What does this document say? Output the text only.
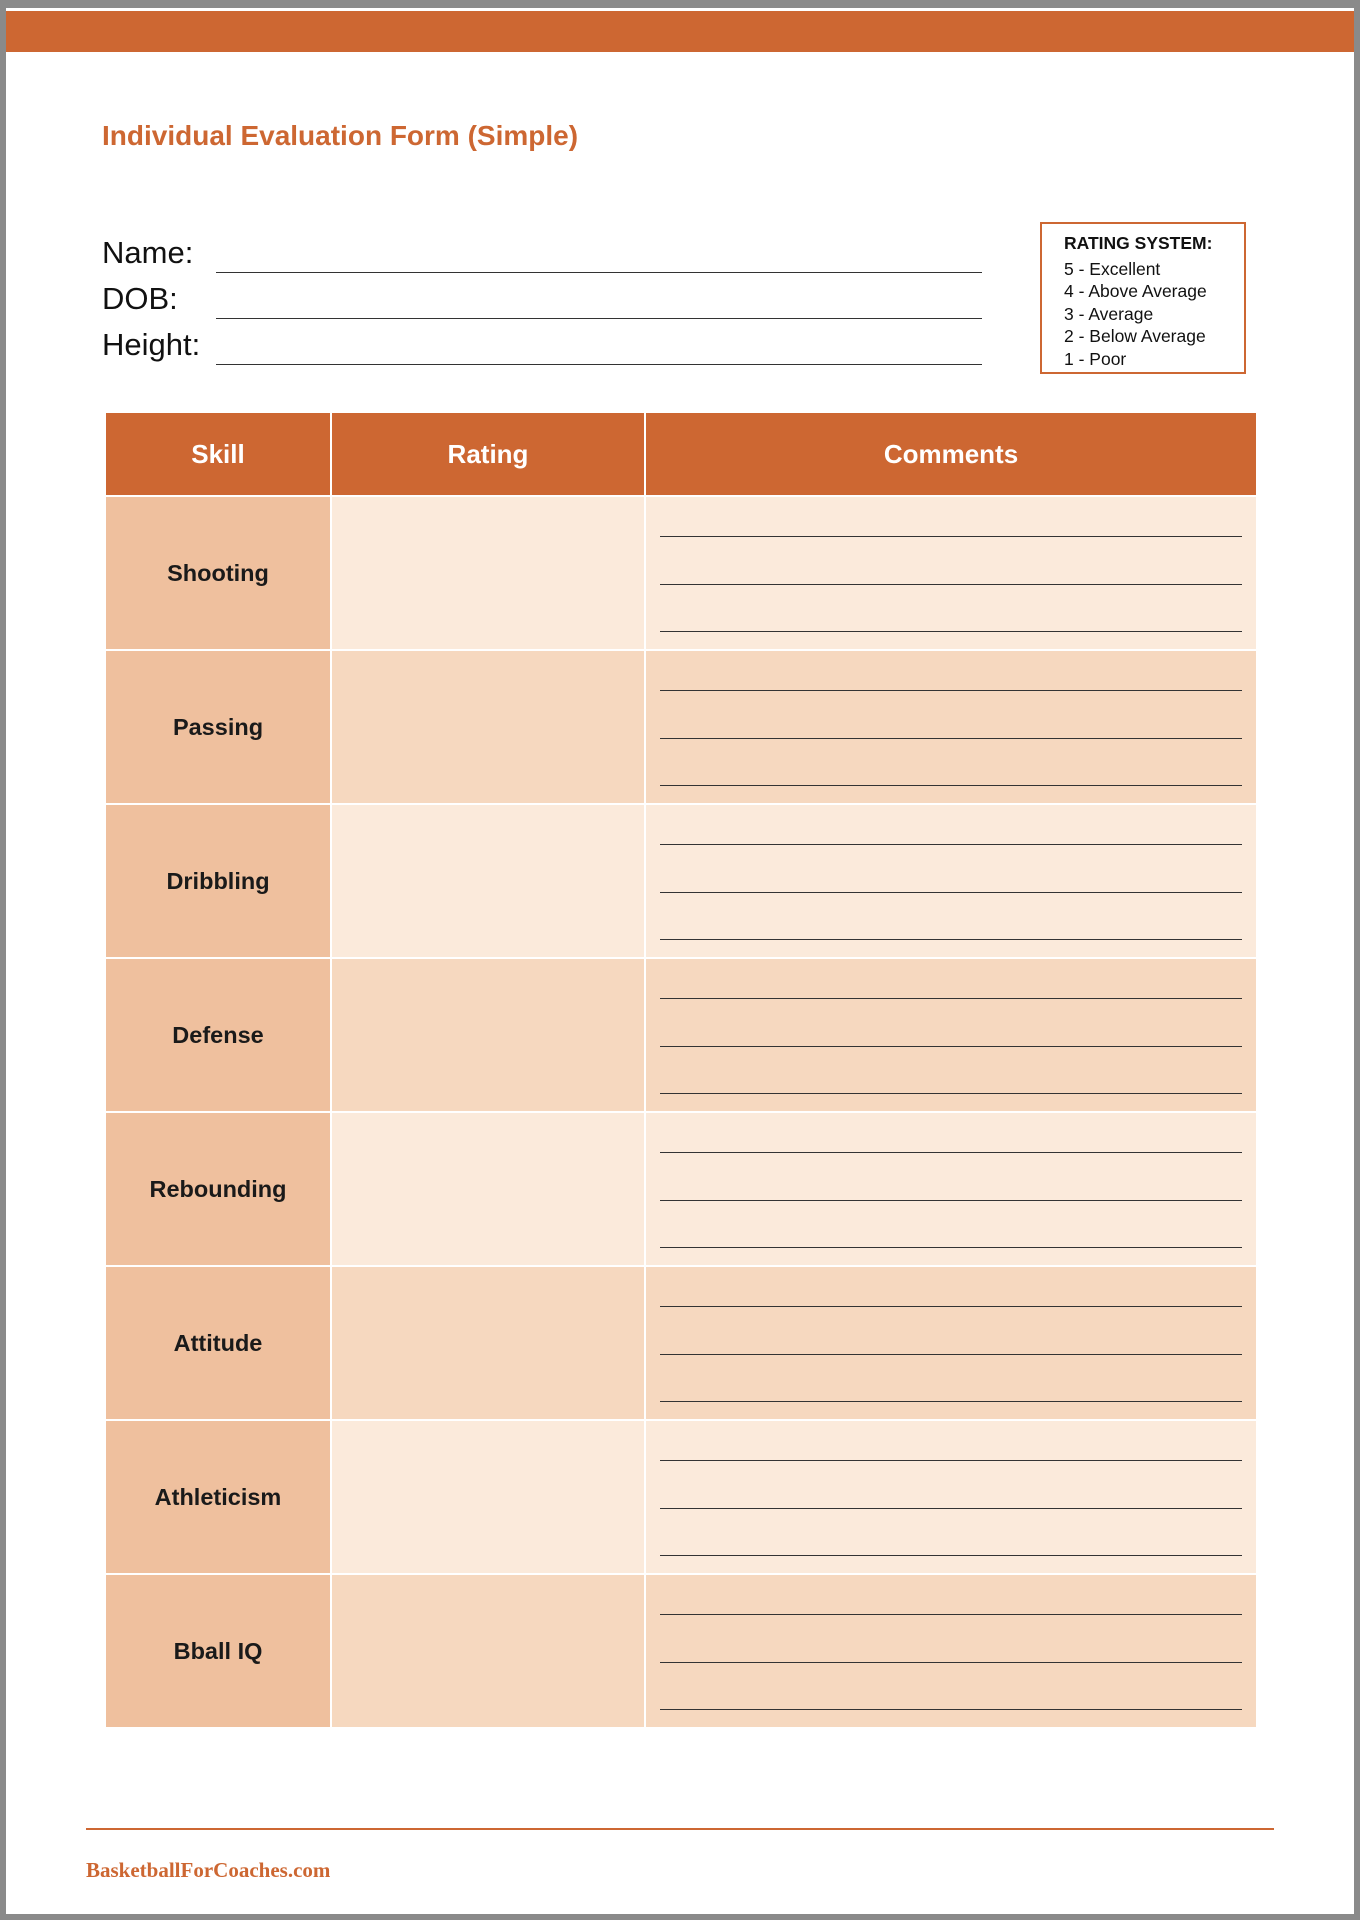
Individual Evaluation Form (Simple)
Name:
DOB:
Height:
RATING SYSTEM:
5 - Excellent
4 - Above Average
3 - Average
2 - Below Average
1 - Poor
Skill	Rating	Comments
Shooting		

Passing		

Dribbling		

Defense		

Rebounding		

Attitude		

Athleticism		

Bball IQ		
BasketballForCoaches.com
